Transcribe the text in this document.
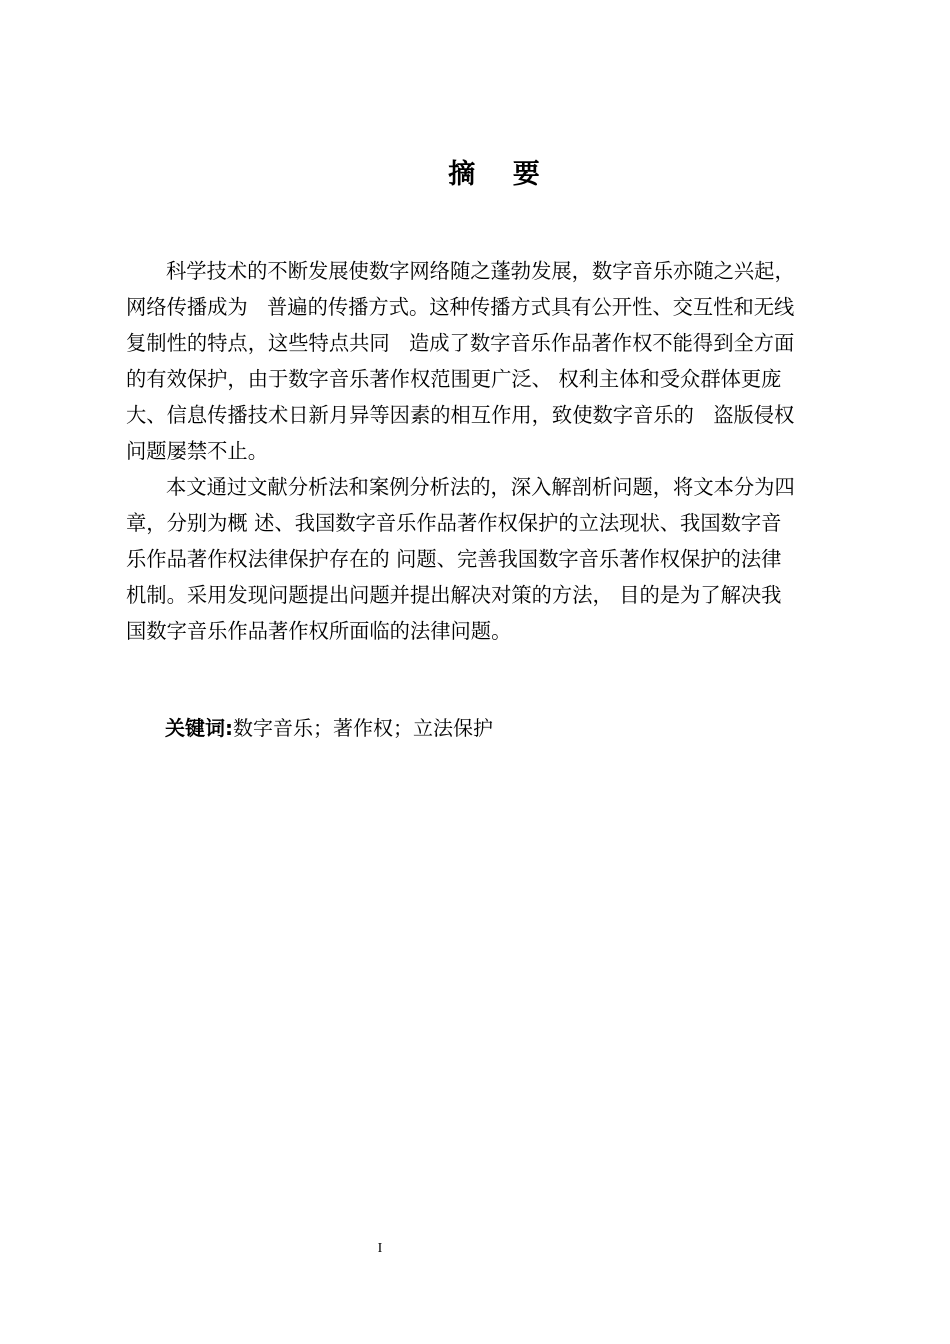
摘    要
科学技术的不断发展使数字网络随之蓬勃发展，数字音乐亦随之兴起，
网络传播成为   普遍的传播方式。这种传播方式具有公开性、交互性和无线
复制性的特点，这些特点共同   造成了数字音乐作品著作权不能得到全方面
的有效保护，由于数字音乐著作权范围更广泛、 权利主体和受众群体更庞
大、信息传播技术日新月异等因素的相互作用，致使数字音乐的   盗版侵权
问题屡禁不止。
本文通过文献分析法和案例分析法的，深入解剖析问题，将文本分为四
章，分别为概 述、我国数字音乐作品著作权保护的立法现状、我国数字音
乐作品著作权法律保护存在的 问题、完善我国数字音乐著作权保护的法律
机制。采用发现问题提出问题并提出解决对策的方法， 目的是为了解决我
国数字音乐作品著作权所面临的法律问题。
关键词:数字音乐；著作权；立法保护
I
